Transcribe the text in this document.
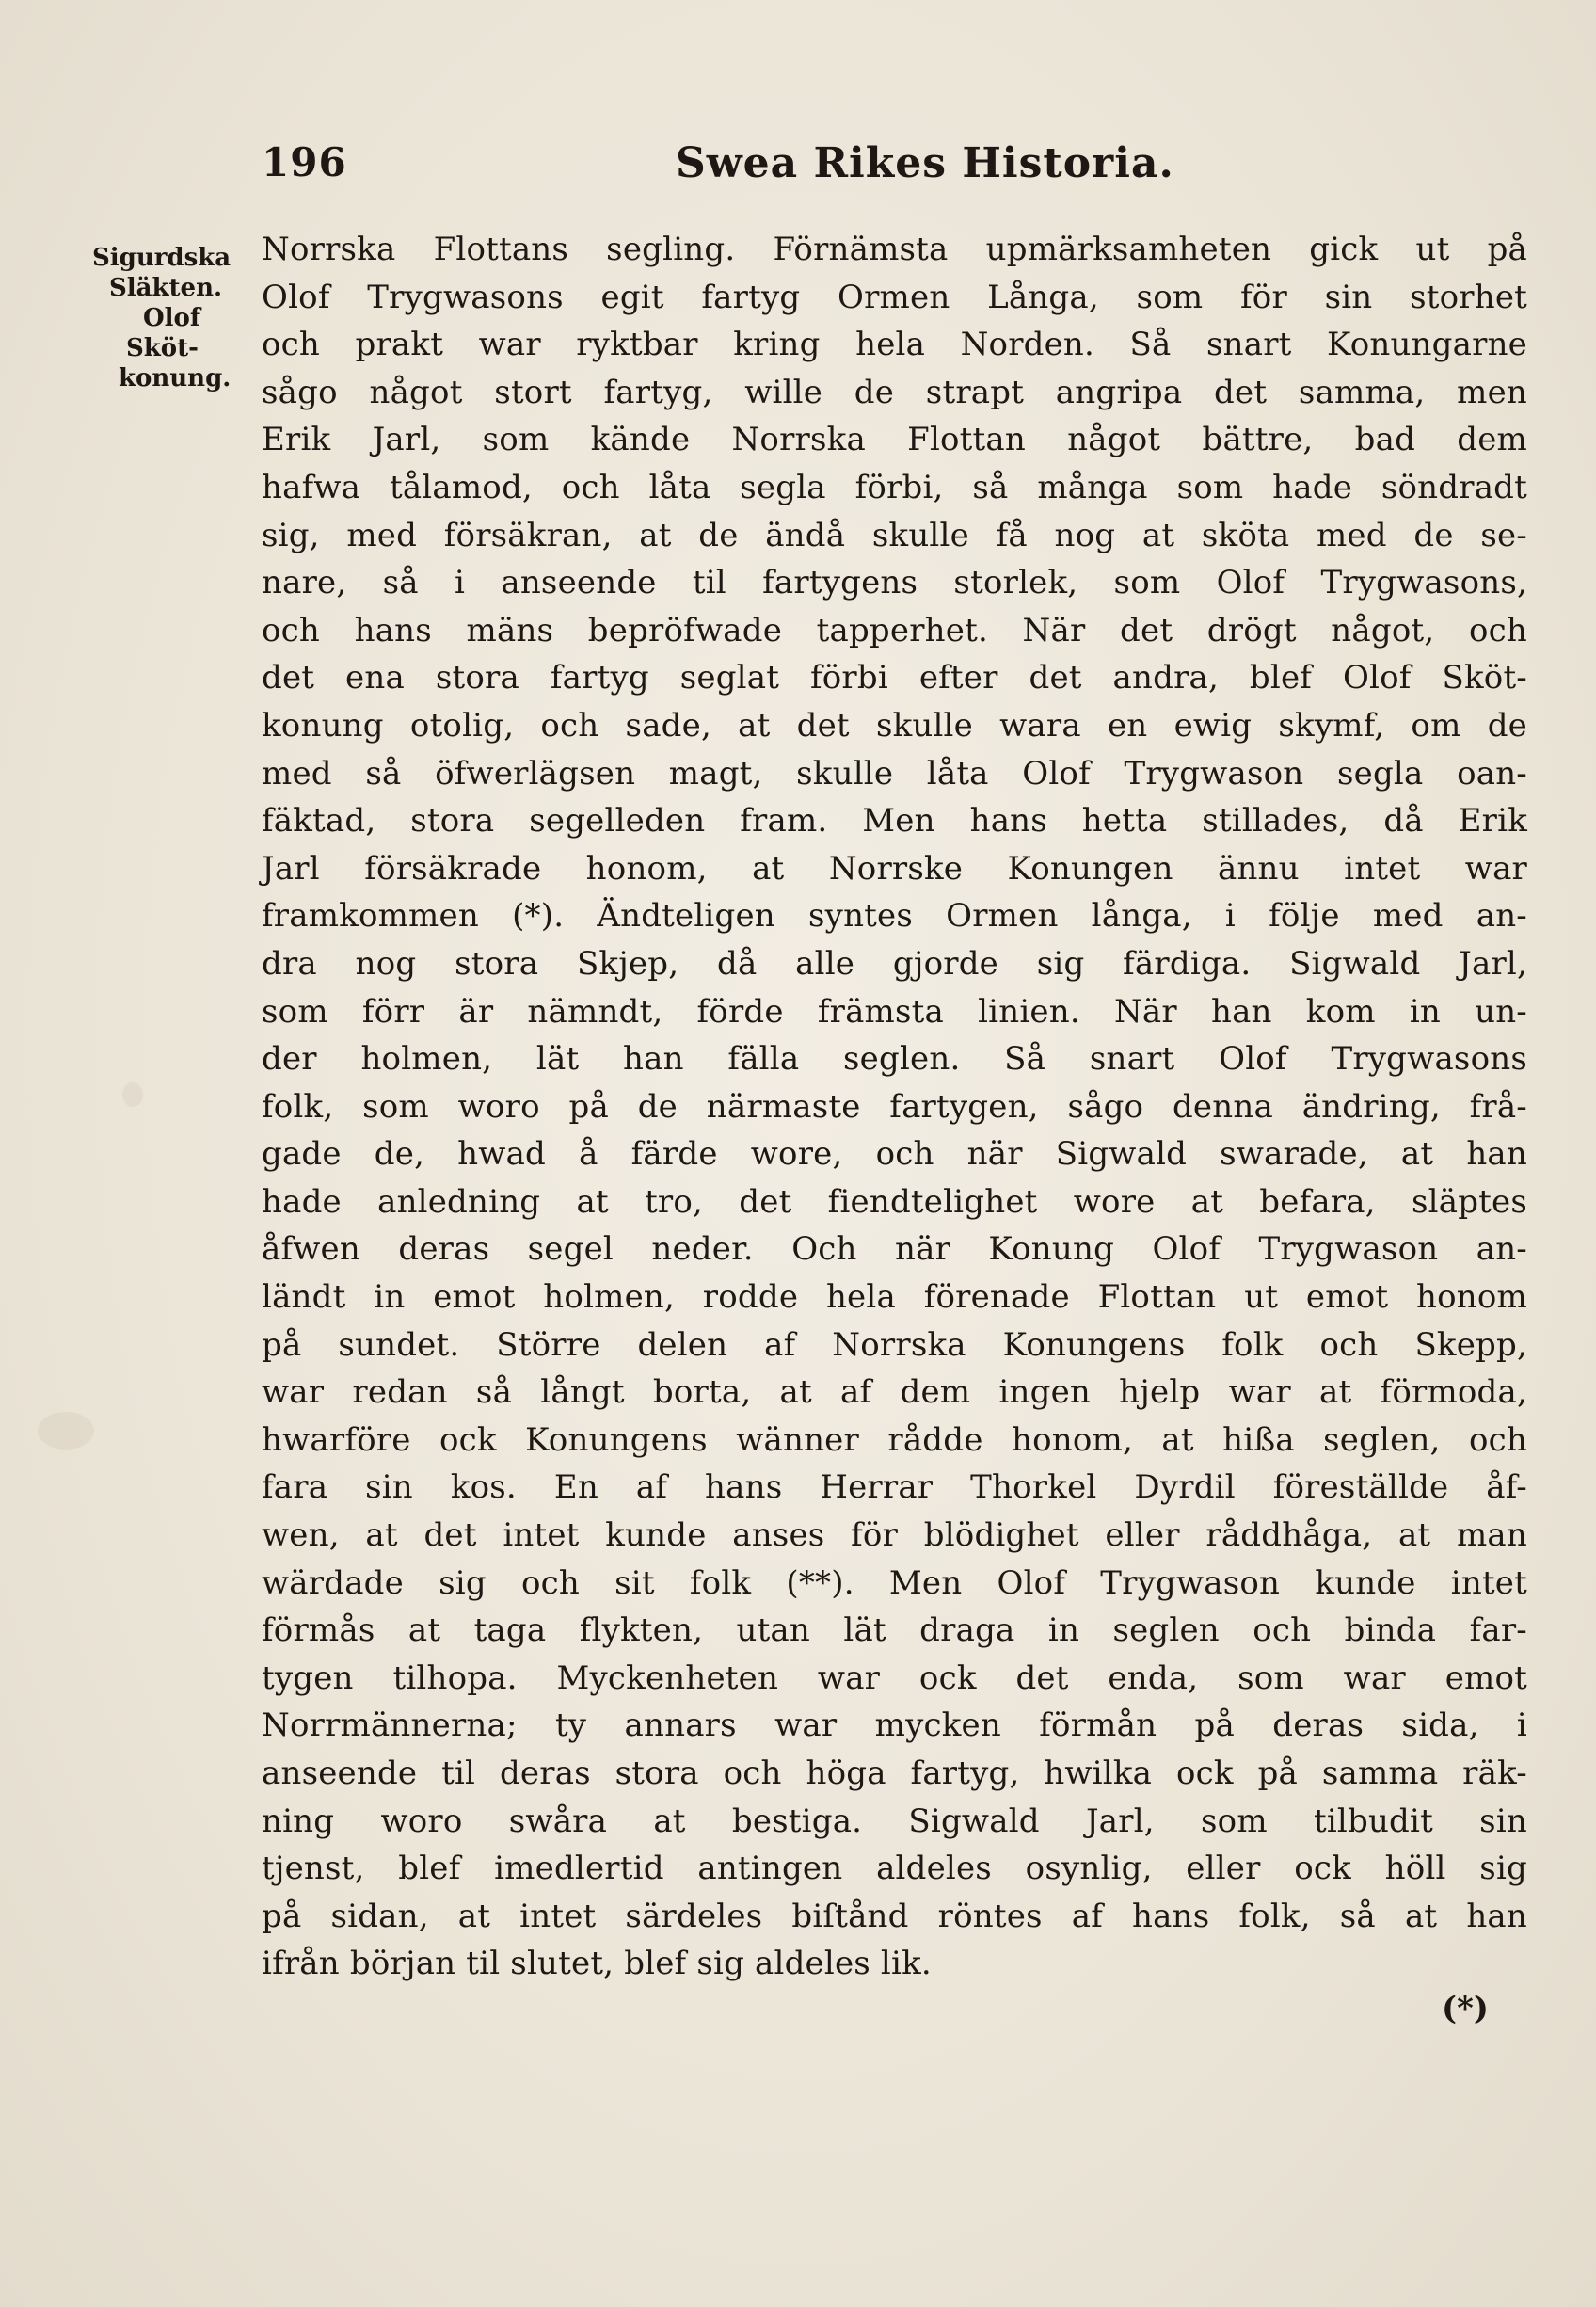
196	Swea Rikes Historia.
Sigurdska
Släkten.
Olof
Sköt-
konung.
Norrska Flottans segling. Förnämsta upmärksamheten gick ut på
Olof Trygwasons egit fartyg Ormen Långa, som för sin storhet
och prakt war ryktbar kring hela Norden. Så snart Konungarne
sågo något stort fartyg, wille de strapt angripa det samma, men
Erik Jarl, som kände Norrska Flottan något bättre, bad dem
hafwa tålamod, och låta segla förbi, så många som hade söndradt
sig, med försäkran, at de ändå skulle få nog at sköta med de se-
nare, så i anseende til fartygens storlek, som Olof Trygwasons,
och hans mäns bepröfwade tapperhet. När det drögt något, och
det ena stora fartyg seglat förbi efter det andra, blef Olof Sköt-
konung otolig, och sade, at det skulle wara en ewig skymf, om de
med så öfwerlägsen magt, skulle låta Olof Trygwason segla oan-
fäktad, stora segelleden fram. Men hans hetta stillades, då Erik
Jarl försäkrade honom, at Norrske Konungen ännu intet war
framkommen (*). Ändteligen syntes Ormen långa, i följe med an-
dra nog stora Skjep, då alle gjorde sig färdiga. Sigwald Jarl,
som förr är nämndt, förde främsta linien. När han kom in un-
der holmen, lät han fälla seglen. Så snart Olof Trygwasons
folk, som woro på de närmaste fartygen, sågo denna ändring, frå-
gade de, hwad å färde wore, och när Sigwald swarade, at han
hade anledning at tro, det fiendtelighet wore at befara, släptes
åfwen deras segel neder. Och när Konung Olof Trygwason an-
ländt in emot holmen, rodde hela förenade Flottan ut emot honom
på sundet. Större delen af Norrska Konungens folk och Skepp,
war redan så långt borta, at af dem ingen hjelp war at förmoda,
hwarföre ock Konungens wänner rådde honom, at hißa seglen, och
fara sin kos. En af hans Herrar Thorkel Dyrdil föreställde åf-
wen, at det intet kunde anses för blödighet eller råddhåga, at man
wärdade sig och sit folk (**). Men Olof Trygwason kunde intet
förmås at taga flykten, utan lät draga in seglen och binda far-
tygen tilhopa. Myckenheten war ock det enda, som war emot
Norrmännerna; ty annars war mycken förmån på deras sida, i
anseende til deras stora och höga fartyg, hwilka ock på samma räk-
ning woro swåra at bestiga. Sigwald Jarl, som tilbudit sin
tjenst, blef imedlertid antingen aldeles osynlig, eller ock höll sig
på sidan, at intet särdeles biſtånd röntes af hans folk, så at han
ifrån början til slutet, blef sig aldeles lik.
(*)
